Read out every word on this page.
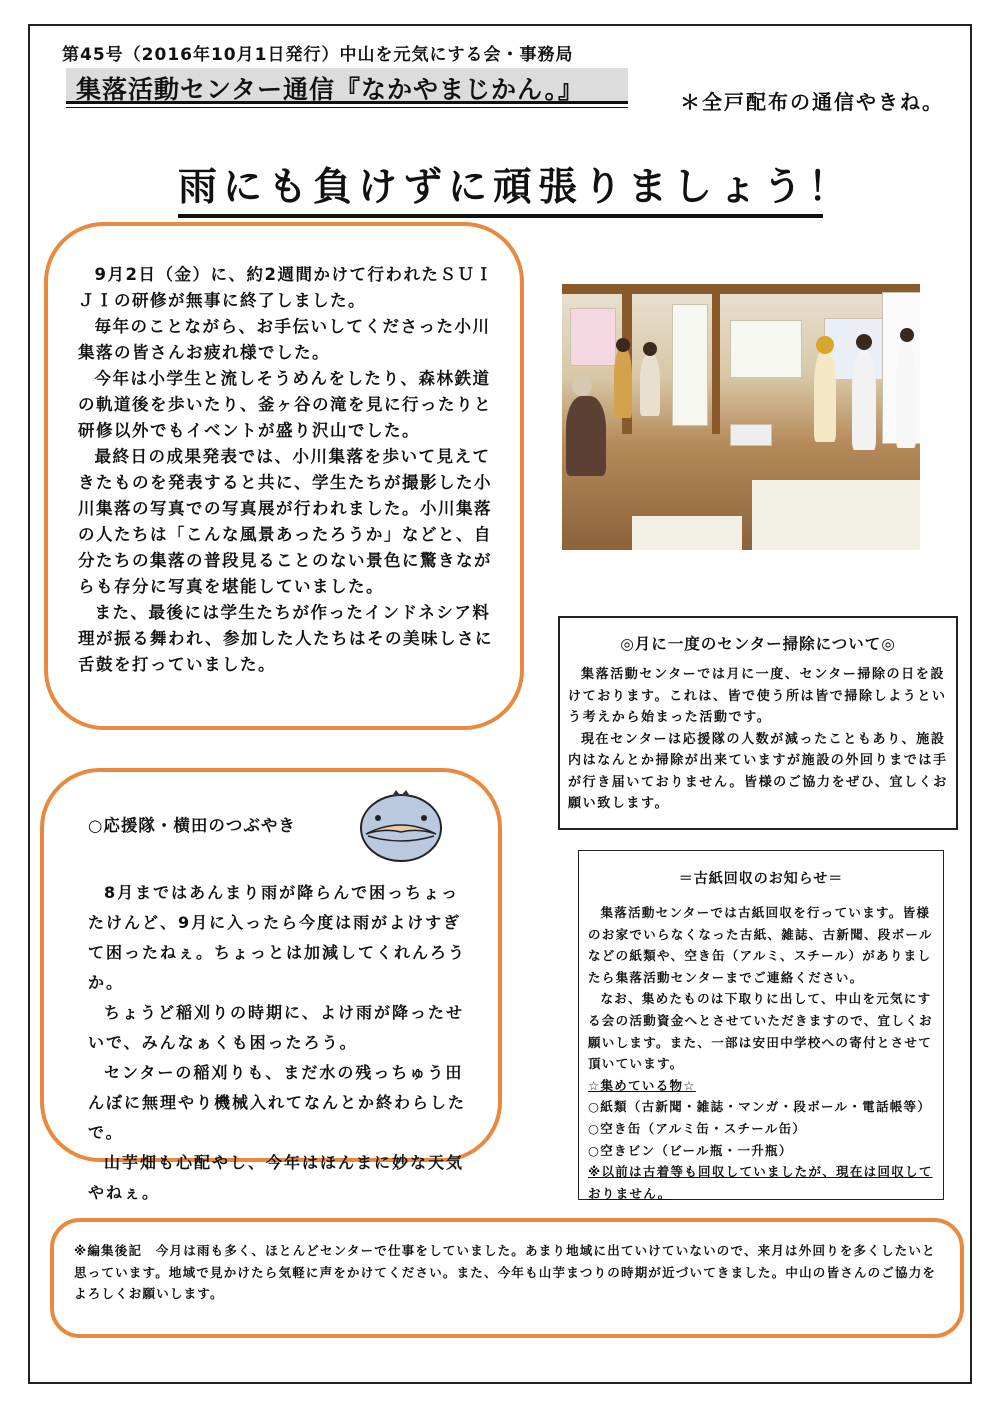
第45号（2016年10月1日発行）中山を元気にする会・事務局
集落活動センター通信『なかやまじかん。』	＊全戸配布の通信やきね。
雨にも負けずに頑張りましょう！

9月2日（金）に、約2週間かけて行われたＳＵＩＪＩの研修が無事に終了しました。

毎年のことながら、お手伝いしてくださった小川集落の皆さんお疲れ様でした。

今年は小学生と流しそうめんをしたり、森林鉄道の軌道後を歩いたり、釜ヶ谷の滝を見に行ったりと研修以外でもイベントが盛り沢山でした。

最終日の成果発表では、小川集落を歩いて見えてきたものを発表すると共に、学生たちが撮影した小川集落の写真での写真展が行われました。小川集落の人たちは「こんな風景あったろうか」などと、自分たちの集落の普段見ることのない景色に驚きながらも存分に写真を堪能していました。

また、最後には学生たちが作ったインドネシア料理が振る舞われ、参加した人たちはその美味しさに舌鼓を打っていました。

◎月に一度のセンター掃除について◎

集落活動センターでは月に一度、センター掃除の日を設けております。これは、皆で使う所は皆で掃除しようという考えから始まった活動です。

現在センターは応援隊の人数が減ったこともあり、施設内はなんとか掃除が出来ていますが施設の外回りまでは手が行き届いておりません。皆様のご協力をぜひ、宜しくお願い致します。

○応援隊・横田のつぶやき

8月まではあんまり雨が降らんで困っちょったけんど、9月に入ったら今度は雨がよけすぎて困ったねぇ。ちょっとは加減してくれんろうか。

ちょうど稲刈りの時期に、よけ雨が降ったせいで、みんなぁくも困ったろう。

センターの稲刈りも、まだ水の残っちゅう田んぼに無理やり機械入れてなんとか終わらしたで。

山芋畑も心配やし、今年はほんまに妙な天気やねぇ。

＝古紙回収のお知らせ＝

集落活動センターでは古紙回収を行っています。皆様のお家でいらなくなった古紙、雑誌、古新聞、段ボールなどの紙類や、空き缶（アルミ、スチール）がありましたら集落活動センターまでご連絡ください。

なお、集めたものは下取りに出して、中山を元気にする会の活動資金へとさせていただきますので、宜しくお願いします。また、一部は安田中学校への寄付とさせて頂いています。

☆集めている物☆

○紙類（古新聞・雑誌・マンガ・段ボール・電話帳等）

○空き缶（アルミ缶・スチール缶）

○空きビン（ビール瓶・一升瓶）

※以前は古着等も回収していましたが、現在は回収しておりません。

※編集後記　今月は雨も多く、ほとんどセンターで仕事をしていました。あまり地域に出ていけていないので、来月は外回りを多くしたいと思っています。地域で見かけたら気軽に声をかけてください。また、今年も山芋まつりの時期が近づいてきました。中山の皆さんのご協力をよろしくお願いします。
